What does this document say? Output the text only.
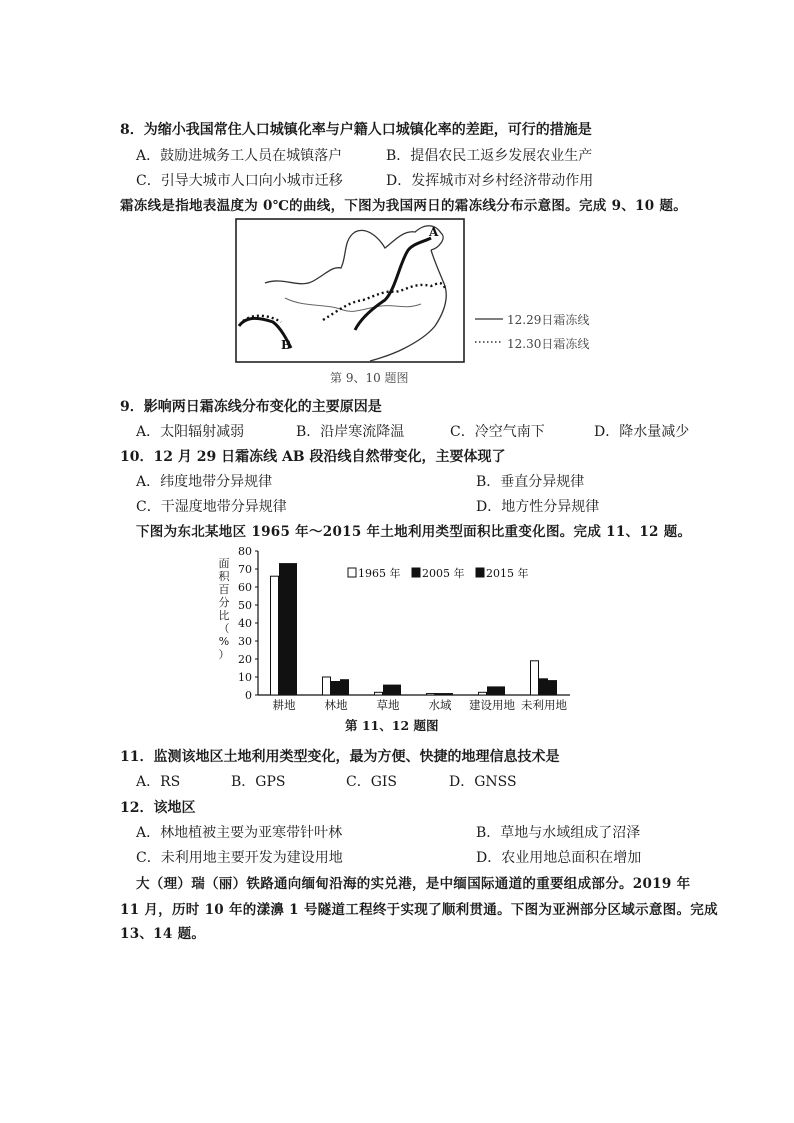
8．为缩小我国常住人口城镇化率与户籍人口城镇化率的差距，可行的措施是
A．鼓励进城务工人员在城镇落户	B．提倡农民工返乡发展农业生产
C．引导大城市人口向小城市迁移	D．发挥城市对乡村经济带动作用
霜冻线是指地表温度为 0℃的曲线，下图为我国两日的霜冻线分布示意图。完成 9、10 题。
A
B
12.29日霜冻线
12.30日霜冻线
第 9、10 题图
9．影响两日霜冻线分布变化的主要原因是
A．太阳辐射减弱	B．沿岸寒流降温	C．冷空气南下	D．降水量减少
10．12 月 29 日霜冻线 AB 段沿线自然带变化，主要体现了
A．纬度地带分异规律	B．垂直分异规律
C．干湿度地带分异规律	D．地方性分异规律
下图为东北某地区 1965 年～2015 年土地利用类型面积比重变化图。完成 11、12 题。
面
积
百
分
比
（
%
）
0
10
20
30
40
50
60
70
80
耕地	林地	草地	水域 建设用地 未利用地
1965 年 2005 年 2015 年
第 11、12 题图
11．监测该地区土地利用类型变化，最为方便、快捷的地理信息技术是
A．RS	B．GPS	C．GIS	D．GNSS
12．该地区
A．林地植被主要为亚寒带针叶林	B．草地与水域组成了沼泽
C．未利用地主要开发为建设用地	D．农业用地总面积在增加
大（理）瑞（丽）铁路通向缅甸沿海的实兑港，是中缅国际通道的重要组成部分。2019 年
11 月，历时 10 年的漾濞 1 号隧道工程终于实现了顺利贯通。下图为亚洲部分区域示意图。完成
13、14 题。
